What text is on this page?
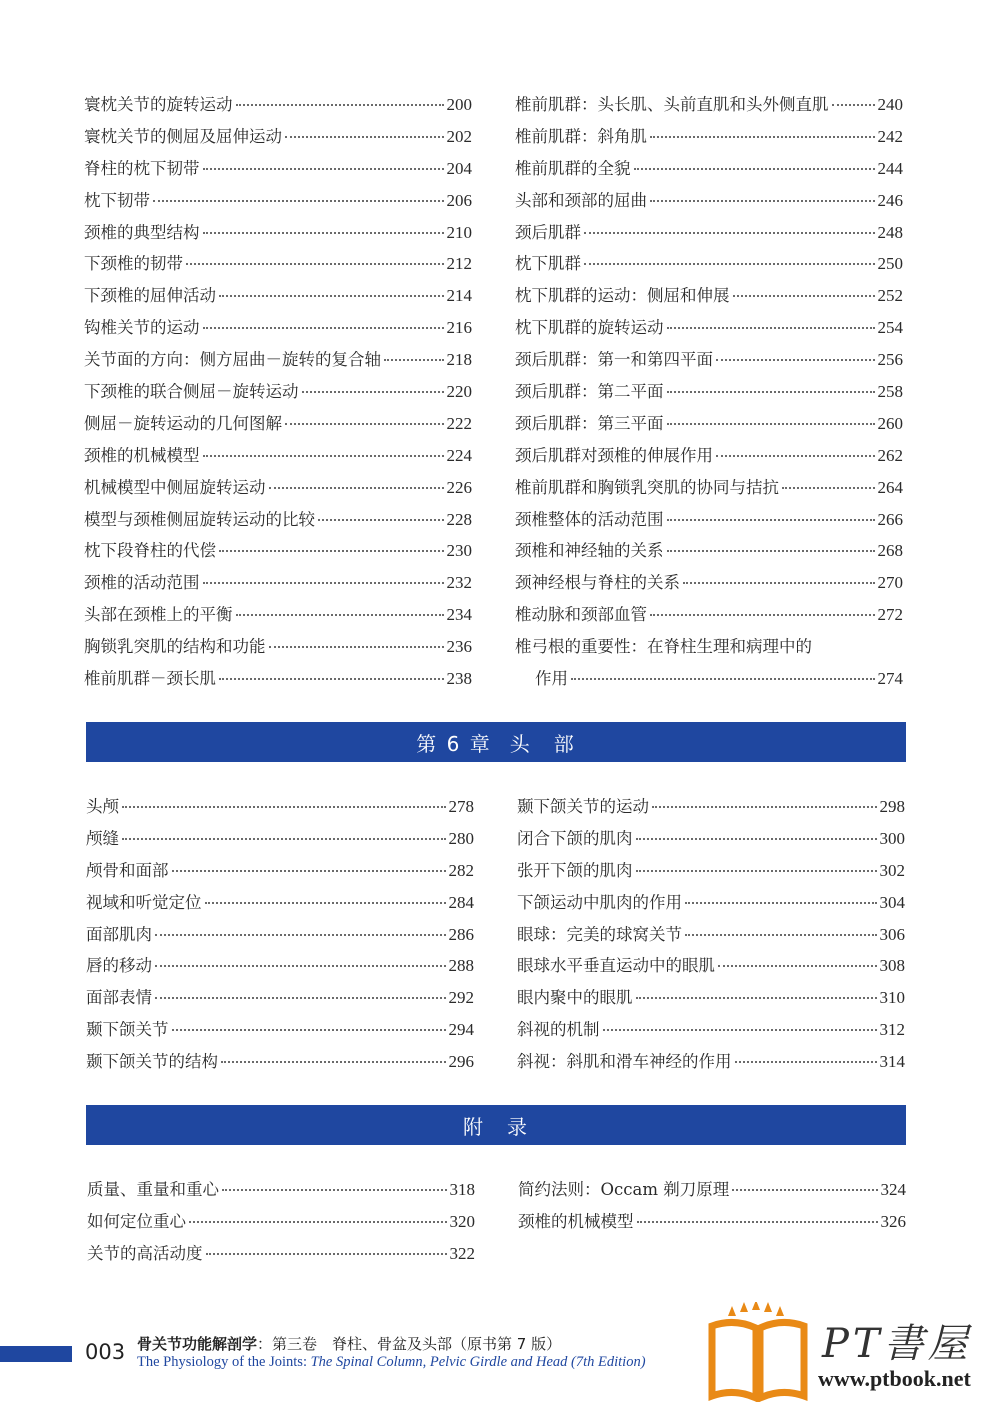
寰枕关节的旋转运动	200
寰枕关节的侧屈及屈伸运动	202
脊柱的枕下韧带	204
枕下韧带	206
颈椎的典型结构	210
下颈椎的韧带	212
下颈椎的屈伸活动	214
钩椎关节的运动	216
关节面的方向：侧方屈曲－旋转的复合轴	218
下颈椎的联合侧屈－旋转运动	220
侧屈－旋转运动的几何图解	222
颈椎的机械模型	224
机械模型中侧屈旋转运动	226
模型与颈椎侧屈旋转运动的比较	228
枕下段脊柱的代偿	230
颈椎的活动范围	232
头部在颈椎上的平衡	234
胸锁乳突肌的结构和功能	236
椎前肌群－颈长肌	238
椎前肌群：头长肌、头前直肌和头外侧直肌	240
椎前肌群：斜角肌	242
椎前肌群的全貌	244
头部和颈部的屈曲	246
颈后肌群	248
枕下肌群	250
枕下肌群的运动：侧屈和伸展	252
枕下肌群的旋转运动	254
颈后肌群：第一和第四平面	256
颈后肌群：第二平面	258
颈后肌群：第三平面	260
颈后肌群对颈椎的伸展作用	262
椎前肌群和胸锁乳突肌的协同与拮抗	264
颈椎整体的活动范围	266
颈椎和神经轴的关系	268
颈神经根与脊柱的关系	270
椎动脉和颈部血管	272
椎弓根的重要性：在脊柱生理和病理中的
作用	274
第 6 章 头　部
头颅	278
颅缝	280
颅骨和面部	282
视域和听觉定位	284
面部肌肉	286
唇的移动	288
面部表情	292
颞下颌关节	294
颞下颌关节的结构	296
颞下颌关节的运动	298
闭合下颌的肌肉	300
张开下颌的肌肉	302
下颌运动中肌肉的作用	304
眼球：完美的球窝关节	306
眼球水平垂直运动中的眼肌	308
眼内聚中的眼肌	310
斜视的机制	312
斜视：斜肌和滑车神经的作用	314
附　录
质量、重量和重心	318
如何定位重心	320
关节的高活动度	322
简约法则：Occam 剃刀原理	324
颈椎的机械模型	326
003 骨关节功能解剖学：第三卷　脊柱、骨盆及头部（原书第 7 版）
The Physiology of the Joints: The Spinal Column, Pelvic Girdle and Head (7th Edition)	PT書屋
www.ptbook.net
